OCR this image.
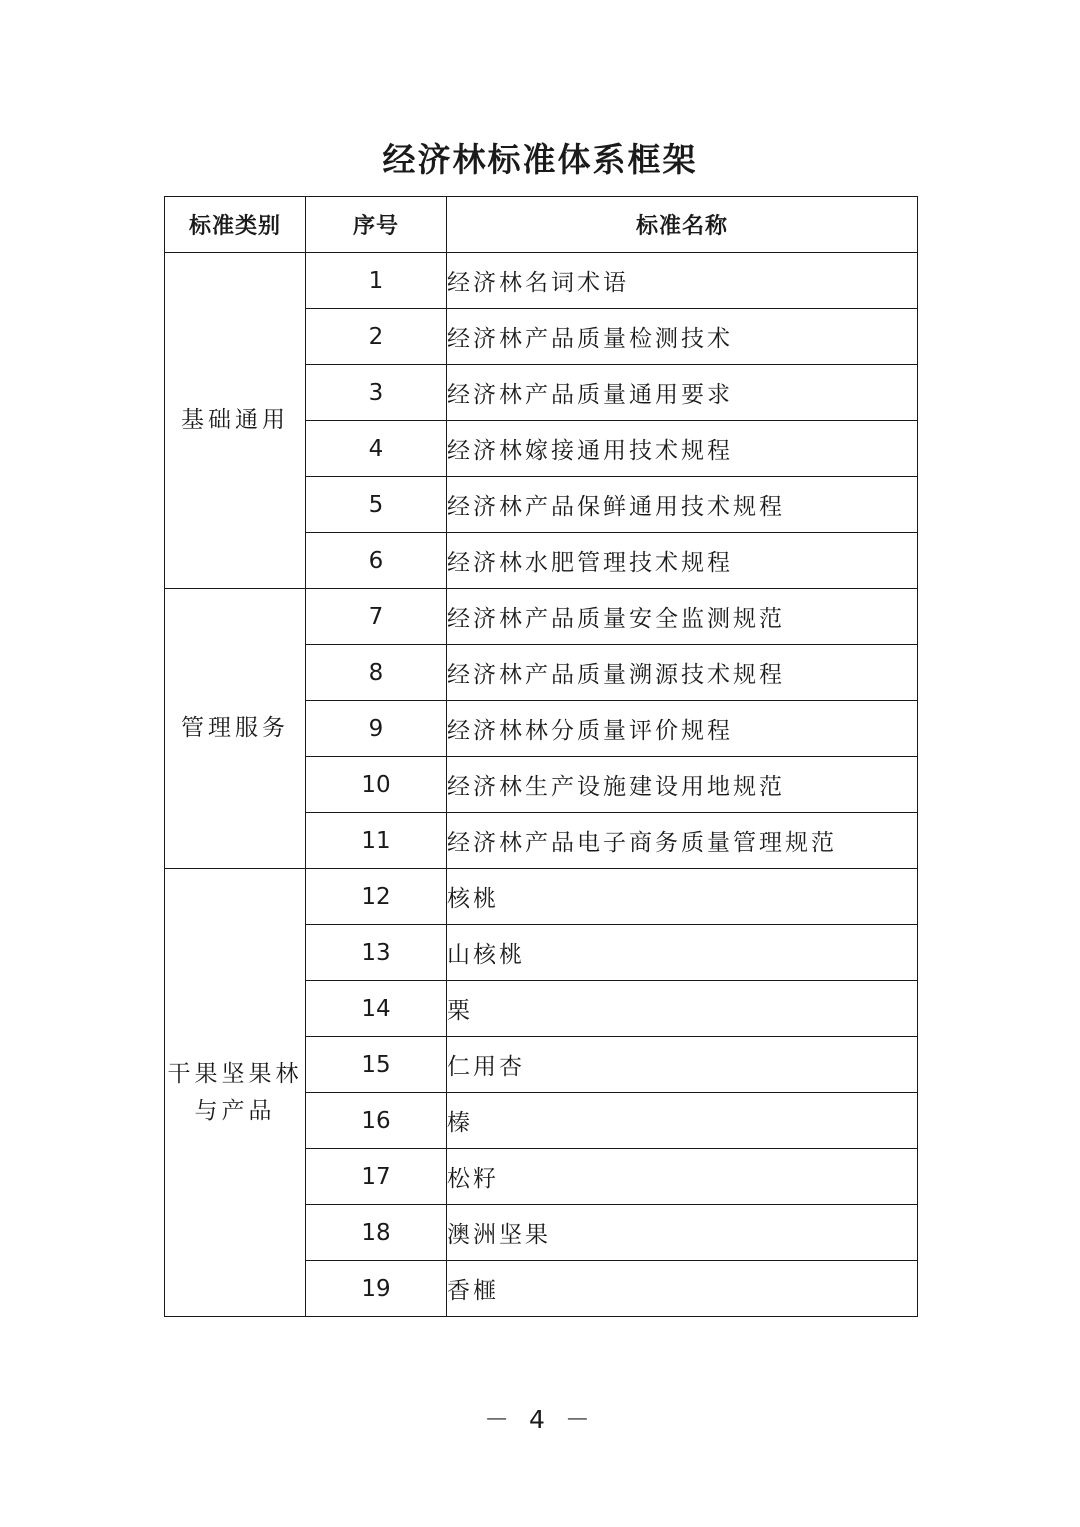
经济林标准体系框架
标准类别	序号	标准名称
基础通用	1	经济林名词术语
	2	经济林产品质量检测技术
	3	经济林产品质量通用要求
	4	经济林嫁接通用技术规程
	5	经济林产品保鲜通用技术规程
	6	经济林水肥管理技术规程
管理服务	7	经济林产品质量安全监测规范
	8	经济林产品质量溯源技术规程
	9	经济林林分质量评价规程
	10	经济林生产设施建设用地规范
	11	经济林产品电子商务质量管理规范
干果坚果林与产品	12	核桃
	13	山核桃
	14	栗
	15	仁用杏
	16	榛
	17	松籽
	18	澳洲坚果
	19	香榧
－ 4 －
